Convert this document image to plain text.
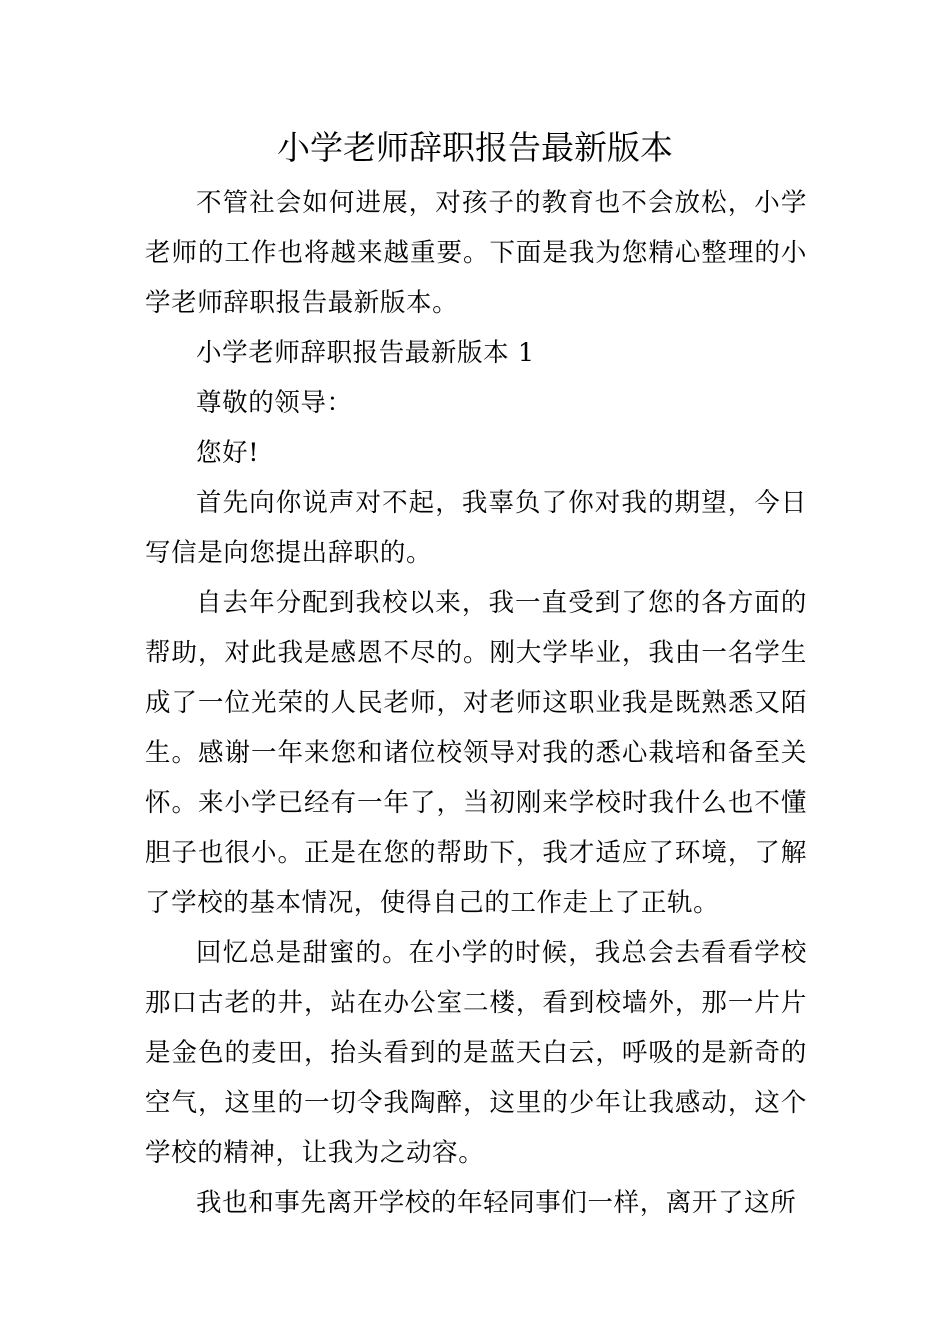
小学老师辞职报告最新版本

不管社会如何进展，对孩子的教育也不会放松，小学老师的工作也将越来越重要。下面是我为您精心整理的小学老师辞职报告最新版本。

小学老师辞职报告最新版本 1

尊敬的领导：

您好!

首先向你说声对不起，我辜负了你对我的期望，今日写信是向您提出辞职的。

自去年分配到我校以来，我一直受到了您的各方面的帮助，对此我是感恩不尽的。刚大学毕业，我由一名学生成了一位光荣的人民老师，对老师这职业我是既熟悉又陌生。感谢一年来您和诸位校领导对我的悉心栽培和备至关怀。来小学已经有一年了，当初刚来学校时我什么也不懂胆子也很小。正是在您的帮助下，我才适应了环境，了解了学校的基本情况，使得自己的工作走上了正轨。

回忆总是甜蜜的。在小学的时候，我总会去看看学校那口古老的井，站在办公室二楼，看到校墙外，那一片片是金色的麦田，抬头看到的是蓝天白云，呼吸的是新奇的空气，这里的一切令我陶醉，这里的少年让我感动，这个学校的精神，让我为之动容。

我也和事先离开学校的年轻同事们一样，离开了这所
